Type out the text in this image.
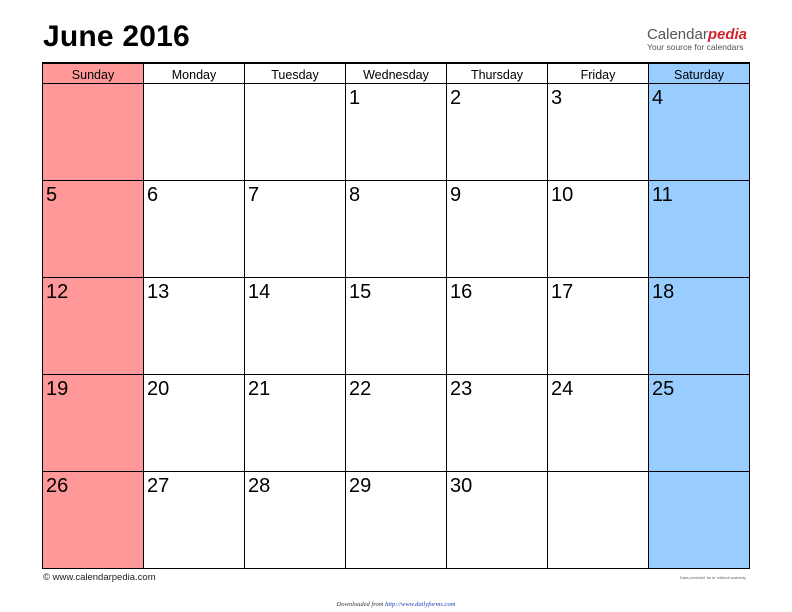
June 2016	Calendarpedia
Your source for calendars
Sunday	Monday	Tuesday	Wednesday	Thursday	Friday	Saturday

			1	2	3	4

5	6	7	8	9	10	11

12	13	14	15	16	17	18

19	20	21	22	23	24	25

26	27	28	29	30		

© www.calendarpedia.com	Data provided 'as is' without warranty
Downloaded from http://www.dailyforms.com
